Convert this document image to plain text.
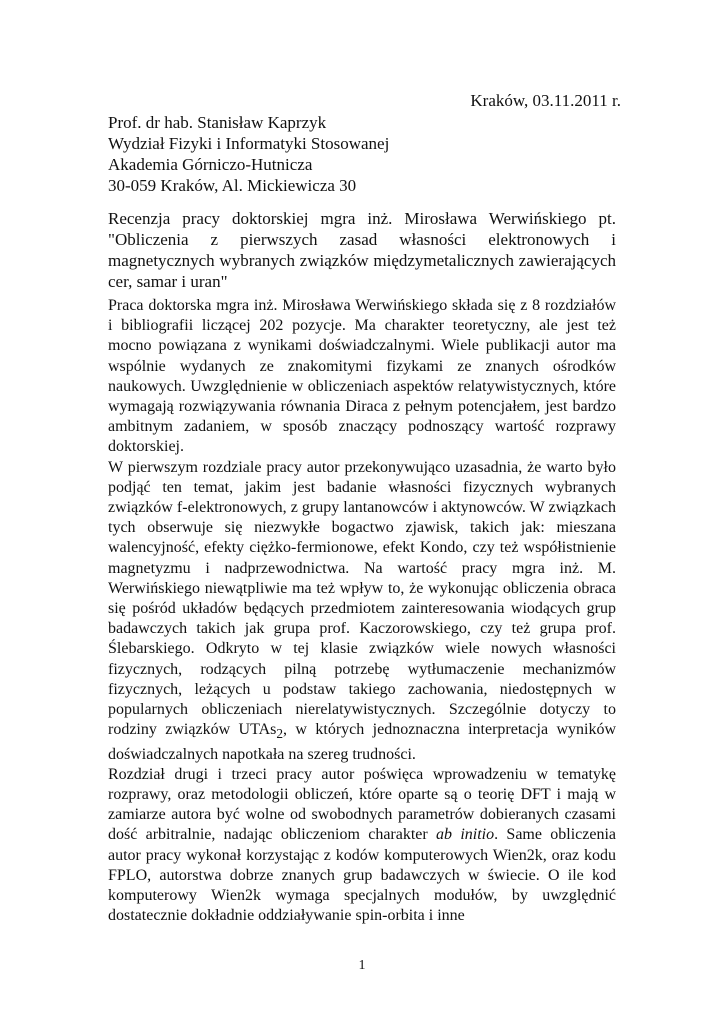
Kraków, 03.11.2011 r.
Prof. dr hab. Stanisław Kaprzyk
Wydział Fizyki i Informatyki Stosowanej
Akademia Górniczo-Hutnicza
30-059 Kraków, Al. Mickiewicza 30
Recenzja pracy doktorskiej mgra inż. Mirosława Werwińskiego pt. "Obliczenia z pierwszych zasad własności elektronowych i magnetycznych wybranych związków międzymetalicznych zawierających cer, samar i uran"

Praca doktorska mgra inż. Mirosława Werwińskiego składa się z 8 rozdziałów i bibliografii liczącej 202 pozycje. Ma charakter teoretyczny, ale jest też mocno powiązana z wynikami doświadczalnymi. Wiele publikacji autor ma wspólnie wydanych ze znakomitymi fizykami ze znanych ośrodków naukowych. Uwzględnienie w obliczeniach aspektów relatywistycznych, które wymagają rozwiązywania równania Diraca z pełnym potencjałem, jest bardzo ambitnym zadaniem, w sposób znaczący podnoszący wartość rozprawy doktorskiej.

W pierwszym rozdziale pracy autor przekonywująco uzasadnia, że warto było podjąć ten temat, jakim jest badanie własności fizycznych wybranych związków f-elektronowych, z grupy lantanowców i aktynowców. W związkach tych obserwuje się niezwykłe bogactwo zjawisk, takich jak: mieszana walencyjność, efekty ciężko-fermionowe, efekt Kondo, czy też współistnienie magnetyzmu i nadprzewodnictwa. Na wartość pracy mgra inż. M. Werwińskiego niewątpliwie ma też wpływ to, że wykonując obliczenia obraca się pośród układów będących przedmiotem zainteresowania wiodących grup badawczych takich jak grupa prof. Kaczorowskiego, czy też grupa prof. Ślebarskiego. Odkryto w tej klasie związków wiele nowych własności fizycznych, rodzących pilną potrzebę wytłumaczenie mechanizmów fizycznych, leżących u podstaw takiego zachowania, niedostępnych w popularnych obliczeniach nierelatywistycznych. Szczególnie dotyczy to rodziny związków UTAs$_2$, w których jednoznaczna interpretacja wyników doświadczalnych napotkała na szereg trudności.

Rozdział drugi i trzeci pracy autor poświęca wprowadzeniu w tematykę rozprawy, oraz metodologii obliczeń, które oparte są o teorię DFT i mają w zamiarze autora być wolne od swobodnych parametrów dobieranych czasami dość arbitralnie, nadając obliczeniom charakter ab initio. Same obliczenia autor pracy wykonał korzystając z kodów komputerowych Wien2k, oraz kodu FPLO, autorstwa dobrze znanych grup badawczych w świecie. O ile kod komputerowy Wien2k wymaga specjalnych modułów, by uwzględnić dostatecznie dokładnie oddziaływanie spin-orbita i inne

1
